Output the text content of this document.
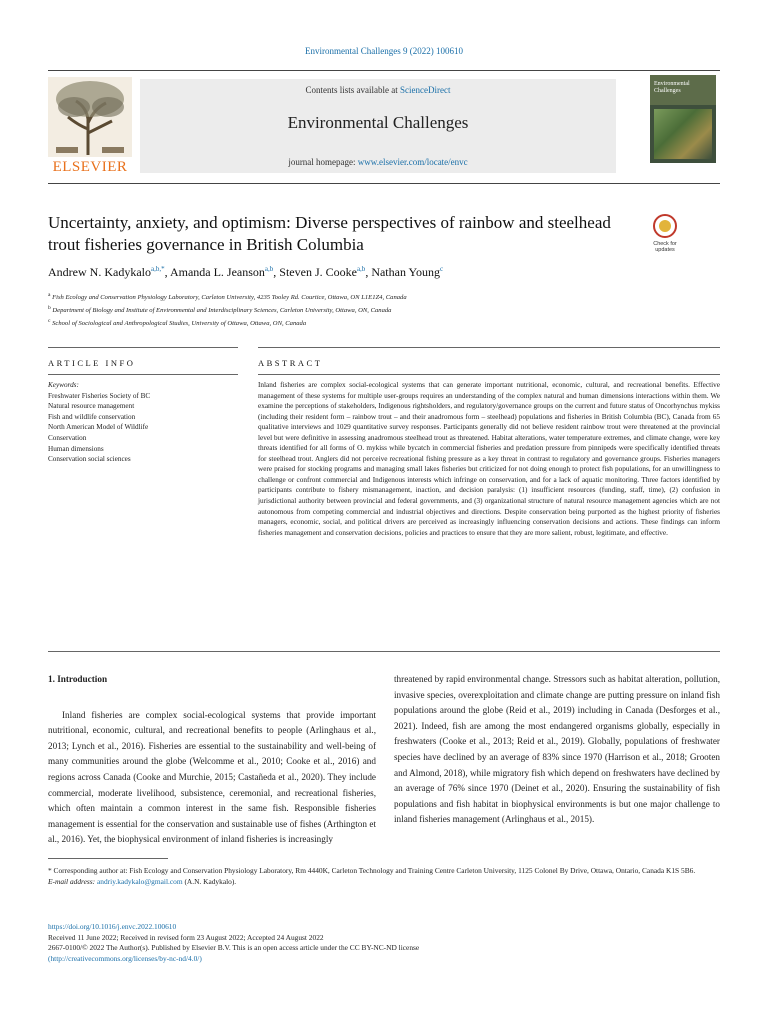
Environmental Challenges 9 (2022) 100610
ELSEVIER
Contents lists available at ScienceDirect
Environmental Challenges
journal homepage: www.elsevier.com/locate/envc
Environmental Challenges
Uncertainty, anxiety, and optimism: Diverse perspectives of rainbow and steelhead trout fisheries governance in British Columbia	Check for updates
Andrew N. Kadykalo$^{a,b,*}$, Amanda L. Jeanson$^{a,b}$, Steven J. Cooke$^{a,b}$, Nathan Young$^c$
$^a$ Fish Ecology and Conservation Physiology Laboratory, Carleton University, 4235 Tooley Rd. Courtice, Ottawa, ON L1E1Z4, Canada
$^b$ Department of Biology and Institute of Environmental and Interdisciplinary Sciences, Carleton University, Ottawa, ON, Canada
$^c$ School of Sociological and Anthropological Studies, University of Ottawa, Ottawa, ON, Canada
ARTICLE INFO	ABSTRACT
Keywords:
Freshwater Fisheries Society of BC
Natural resource management
Fish and wildlife conservation
North American Model of Wildlife
Conservation
Human dimensions
Conservation social sciences
Inland fisheries are complex social-ecological systems that can generate important nutritional, economic, cultural, and recreational benefits. Effective management of these systems for multiple user-groups requires an understanding of the complex natural and human dimensions interactions within them. We examine the perceptions of stakeholders, Indigenous rightsholders, and regulatory/governance groups on the current and future status of Oncorhynchus mykiss (including their resident form – rainbow trout – and their anadromous form – steelhead) populations and fisheries in British Columbia (BC), Canada from 65 qualitative interviews and 1029 quantitative survey responses. Participants generally did not believe resident rainbow trout were threatened at the provincial level but were definitive in assessing anadromous steelhead trout as threatened. Habitat alterations, water temperature extremes, and climate change, were key threats identified for all forms of O. mykiss while bycatch in commercial fisheries and predation pressure from pinnipeds were specifically identified threats for steelhead trout. Anglers did not perceive recreational fishing pressure as a key threat in contrast to regulatory and governance groups. Fisheries managers were praised for stocking programs and managing small lakes fisheries but criticized for not doing enough to protect fish populations, for an unwillingness to challenge or confront commercial and Indigenous interests which infringe on conservation, and for a lack of aquatic monitoring. Three factors identified by participants contribute to fishery mismanagement, inaction, and decision paralysis: (1) insufficient resources (funding, staff, time), (2) confusion in jurisdictional authority between provincial and federal governments, and (3) organizational structure of natural resource management agencies which are not autonomous from competing commercial and industrial objectives and directions. Despite conservation being purported as the highest priority of fisheries managers, economic, social, and political drivers are perceived as increasingly influencing conservation decisions and actions. These findings can inform fisheries management and conservation decisions, policies and practices to ensure that they are more salient, robust, legitimate, and effective.
1. Introduction
Inland fisheries are complex social-ecological systems that provide important nutritional, economic, cultural, and recreational benefits to people (Arlinghaus et al., 2013; Lynch et al., 2016). Fisheries are essential to the sustainability and well-being of many communities around the globe (Welcomme et al., 2010; Cooke et al., 2016) and regions across Canada (Cooke and Murchie, 2015; Castañeda et al., 2020). They include commercial, moderate livelihood, subsistence, ceremonial, and recreational fisheries, which often maintain a common interest in the same fish. Responsible fisheries management is essential for the conservation and sustainable use of fishes (Arthington et al., 2016). Yet, the biophysical environment of inland fisheries is increasingly
threatened by rapid environmental change. Stressors such as habitat alteration, pollution, invasive species, overexploitation and climate change are putting pressure on inland fish populations around the globe (Reid et al., 2019) including in Canada (Desforges et al., 2021). Indeed, fish are among the most endangered organisms globally, especially in freshwaters (Cooke et al., 2013; Reid et al., 2019). Globally, populations of freshwater species have declined by an average of 83% since 1970 (Harrison et al., 2018; Grooten and Almond, 2018), while migratory fish which depend on freshwaters have declined by an average of 76% since 1970 (Deinet et al., 2020). Ensuring the sustainability of fish populations and fish habitat in biophysical environments is but one major challenge to inland fisheries management (Arlinghaus et al., 2015).
* Corresponding author at: Fish Ecology and Conservation Physiology Laboratory, Rm 4440K, Carleton Technology and Training Centre Carleton University, 1125 Colonel By Drive, Ottawa, Ontario, Canada K1S 5B6.
E-mail address: andriy.kadykalo@gmail.com (A.N. Kadykalo).
https://doi.org/10.1016/j.envc.2022.100610
Received 11 June 2022; Received in revised form 23 August 2022; Accepted 24 August 2022
2667-0100/© 2022 The Author(s). Published by Elsevier B.V. This is an open access article under the CC BY-NC-ND license
(http://creativecommons.org/licenses/by-nc-nd/4.0/)
